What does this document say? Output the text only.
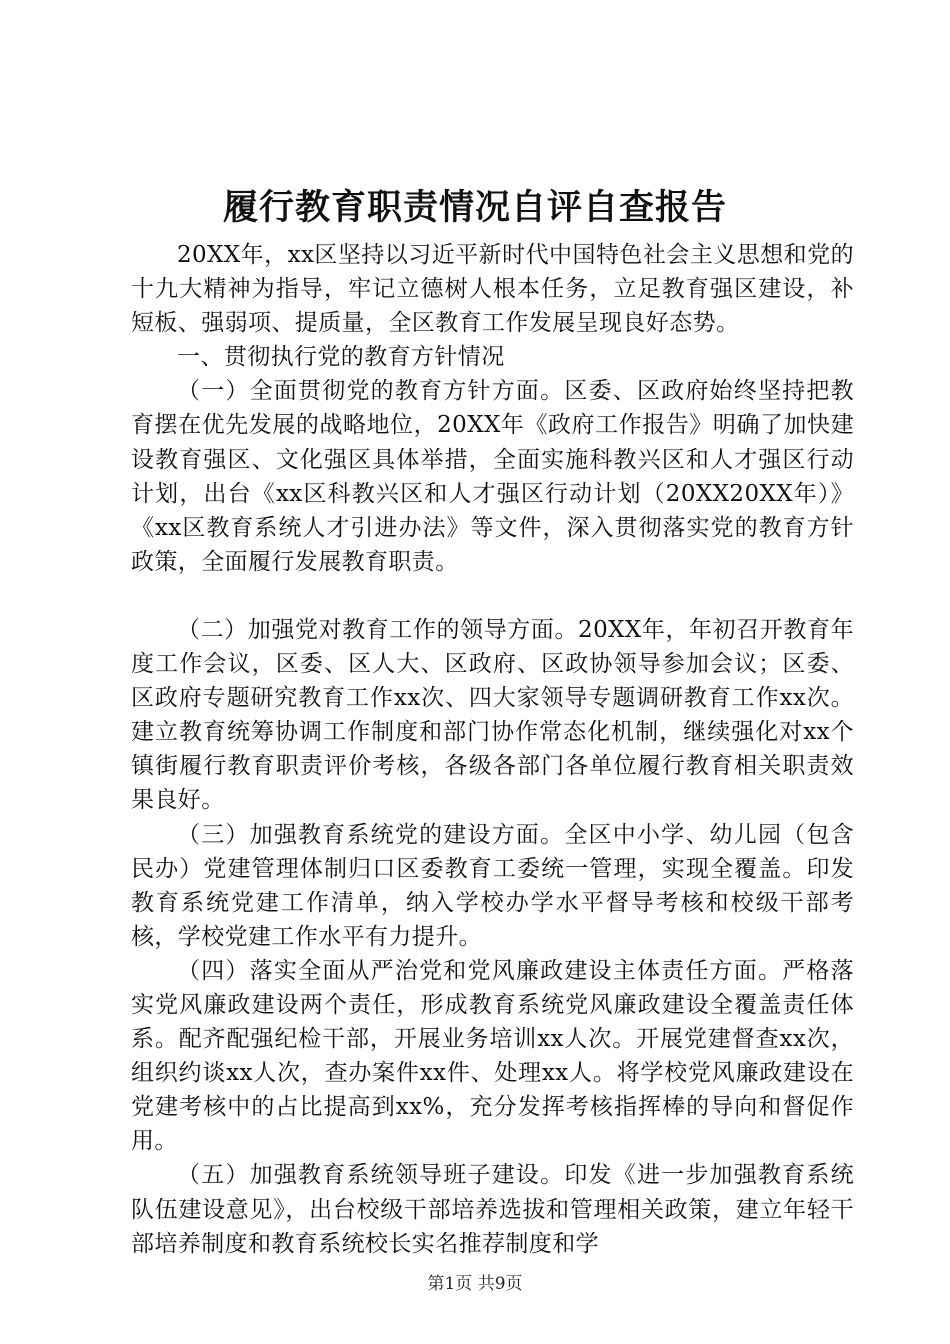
履行教育职责情况自评自查报告

20XX年，xx区坚持以习近平新时代中国特色社会主义思想和党的十九大精神为指导，牢记立德树人根本任务，立足教育强区建设，补短板、强弱项、提质量，全区教育工作发展呈现良好态势。

一、贯彻执行党的教育方针情况

（一）全面贯彻党的教育方针方面。区委、区政府始终坚持把教育摆在优先发展的战略地位，20XX年《政府工作报告》明确了加快建设教育强区、文化强区具体举措，全面实施科教兴区和人才强区行动计划，出台《xx区科教兴区和人才强区行动计划（20XX20XX年）》《xx区教育系统人才引进办法》等文件，深入贯彻落实党的教育方针政策，全面履行发展教育职责。

（二）加强党对教育工作的领导方面。20XX年，年初召开教育年度工作会议，区委、区人大、区政府、区政协领导参加会议；区委、区政府专题研究教育工作xx次、四大家领导专题调研教育工作xx次。建立教育统筹协调工作制度和部门协作常态化机制，继续强化对xx个镇街履行教育职责评价考核，各级各部门各单位履行教育相关职责效果良好。

（三）加强教育系统党的建设方面。全区中小学、幼儿园（包含民办）党建管理体制归口区委教育工委统一管理，实现全覆盖。印发教育系统党建工作清单，纳入学校办学水平督导考核和校级干部考核，学校党建工作水平有力提升。

（四）落实全面从严治党和党风廉政建设主体责任方面。严格落实党风廉政建设两个责任，形成教育系统党风廉政建设全覆盖责任体系。配齐配强纪检干部，开展业务培训xx人次。开展党建督查xx次，组织约谈xx人次，查办案件xx件、处理xx人。将学校党风廉政建设在党建考核中的占比提高到xx%，充分发挥考核指挥棒的导向和督促作用。

（五）加强教育系统领导班子建设。印发《进一步加强教育系统队伍建设意见》，出台校级干部培养选拔和管理相关政策，建立年轻干部培养制度和教育系统校长实名推荐制度和学

第1页 共9页
